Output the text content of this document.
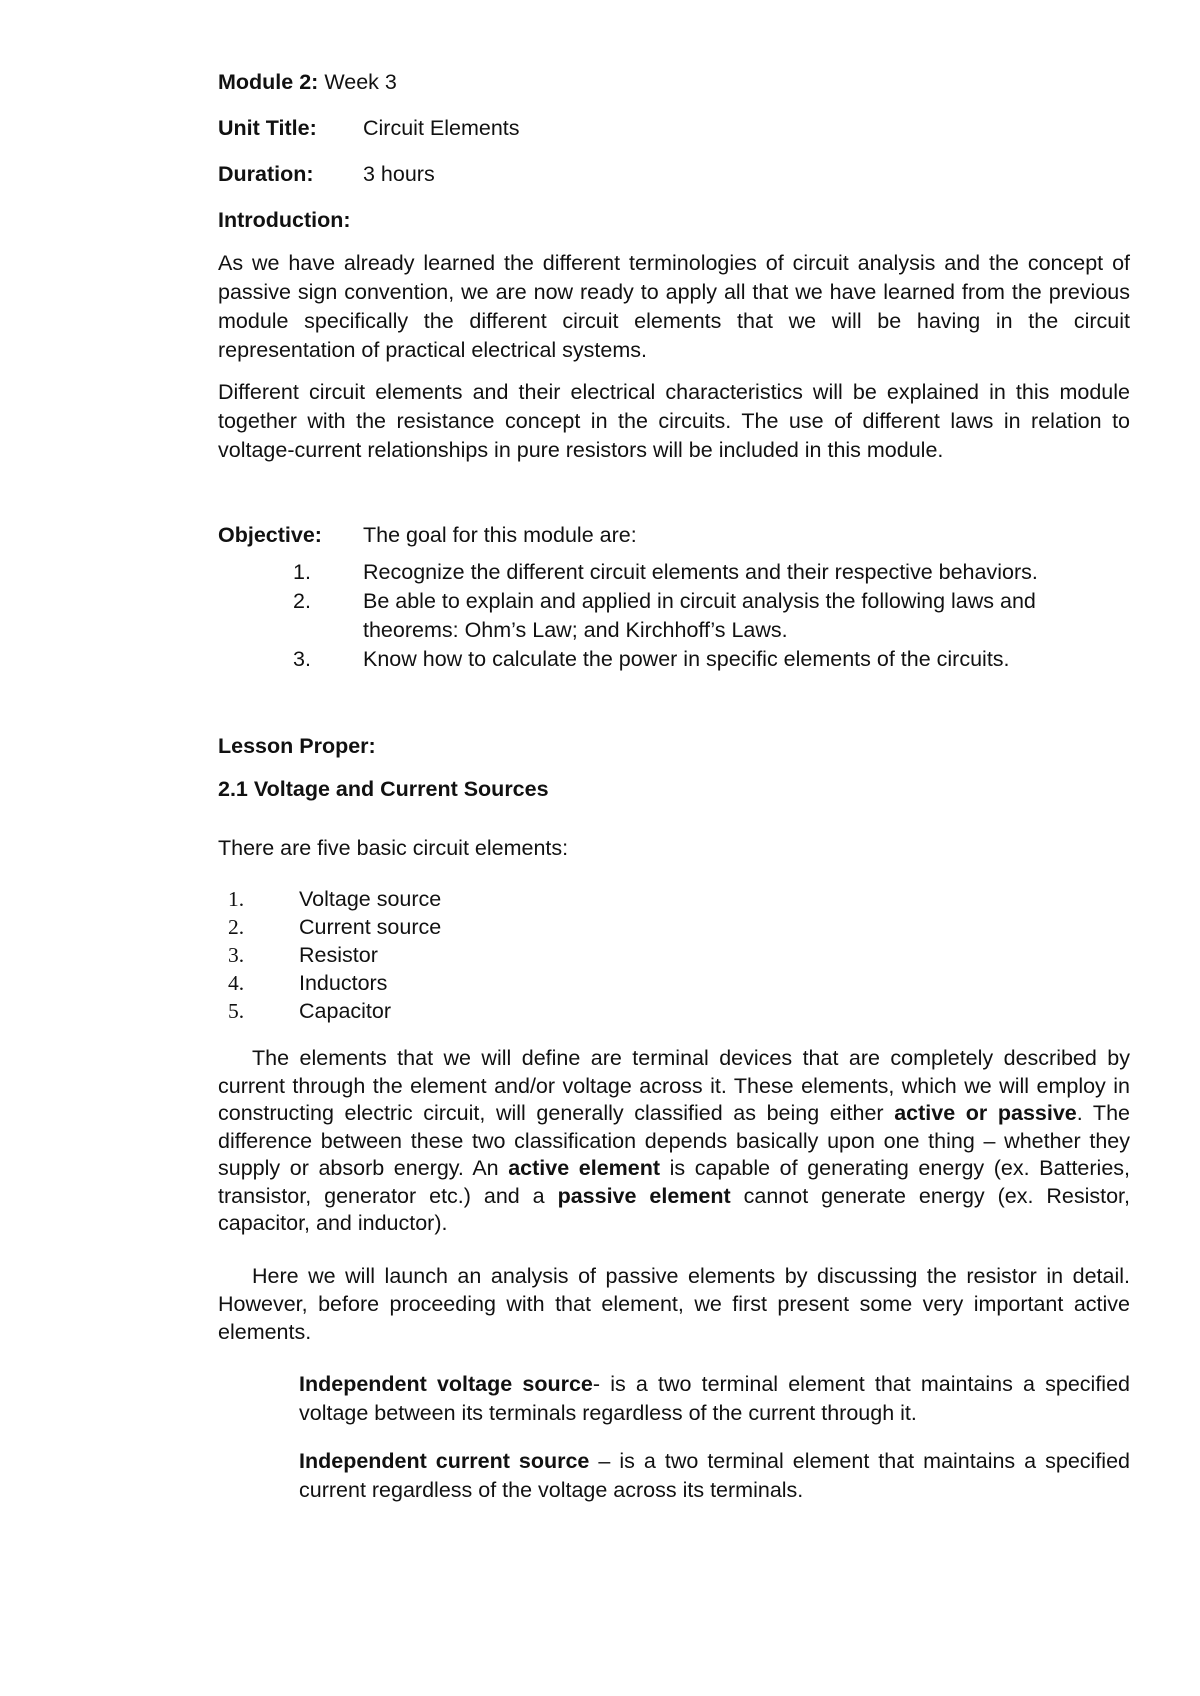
Module 2: Week 3
Unit Title: Circuit Elements
Duration: 3 hours
Introduction:

As we have already learned the different terminologies of circuit analysis and the concept of passive sign convention, we are now ready to apply all that we have learned from the previous module specifically the different circuit elements that we will be having in the circuit representation of practical electrical systems.

Different circuit elements and their electrical characteristics will be explained in this module together with the resistance concept in the circuits. The use of different laws in relation to voltage-current relationships in pure resistors will be included in this module.

Objective: The goal for this module are:
1. Recognize the different circuit elements and their respective behaviors.
2. Be able to explain and applied in circuit analysis the following laws and theorems: Ohm’s Law; and Kirchhoff’s Laws.
3. Know how to calculate the power in specific elements of the circuits.
Lesson Proper:
2.1 Voltage and Current Sources

There are five basic circuit elements:

1.	Voltage source
2.	Current source
3.	Resistor
4.	Inductors
5.	Capacitor

The elements that we will define are terminal devices that are completely described by current through the element and/or voltage across it. These elements, which we will employ in constructing electric circuit, will generally classified as being either active or passive. The difference between these two classification depends basically upon one thing – whether they supply or absorb energy. An active element is capable of generating energy (ex. Batteries, transistor, generator etc.) and a passive element cannot generate energy (ex. Resistor, capacitor, and inductor).

Here we will launch an analysis of passive elements by discussing the resistor in detail. However, before proceeding with that element, we first present some very important active elements.

Independent voltage source- is a two terminal element that maintains a specified voltage between its terminals regardless of the current through it.

Independent current source – is a two terminal element that maintains a specified current regardless of the voltage across its terminals.
